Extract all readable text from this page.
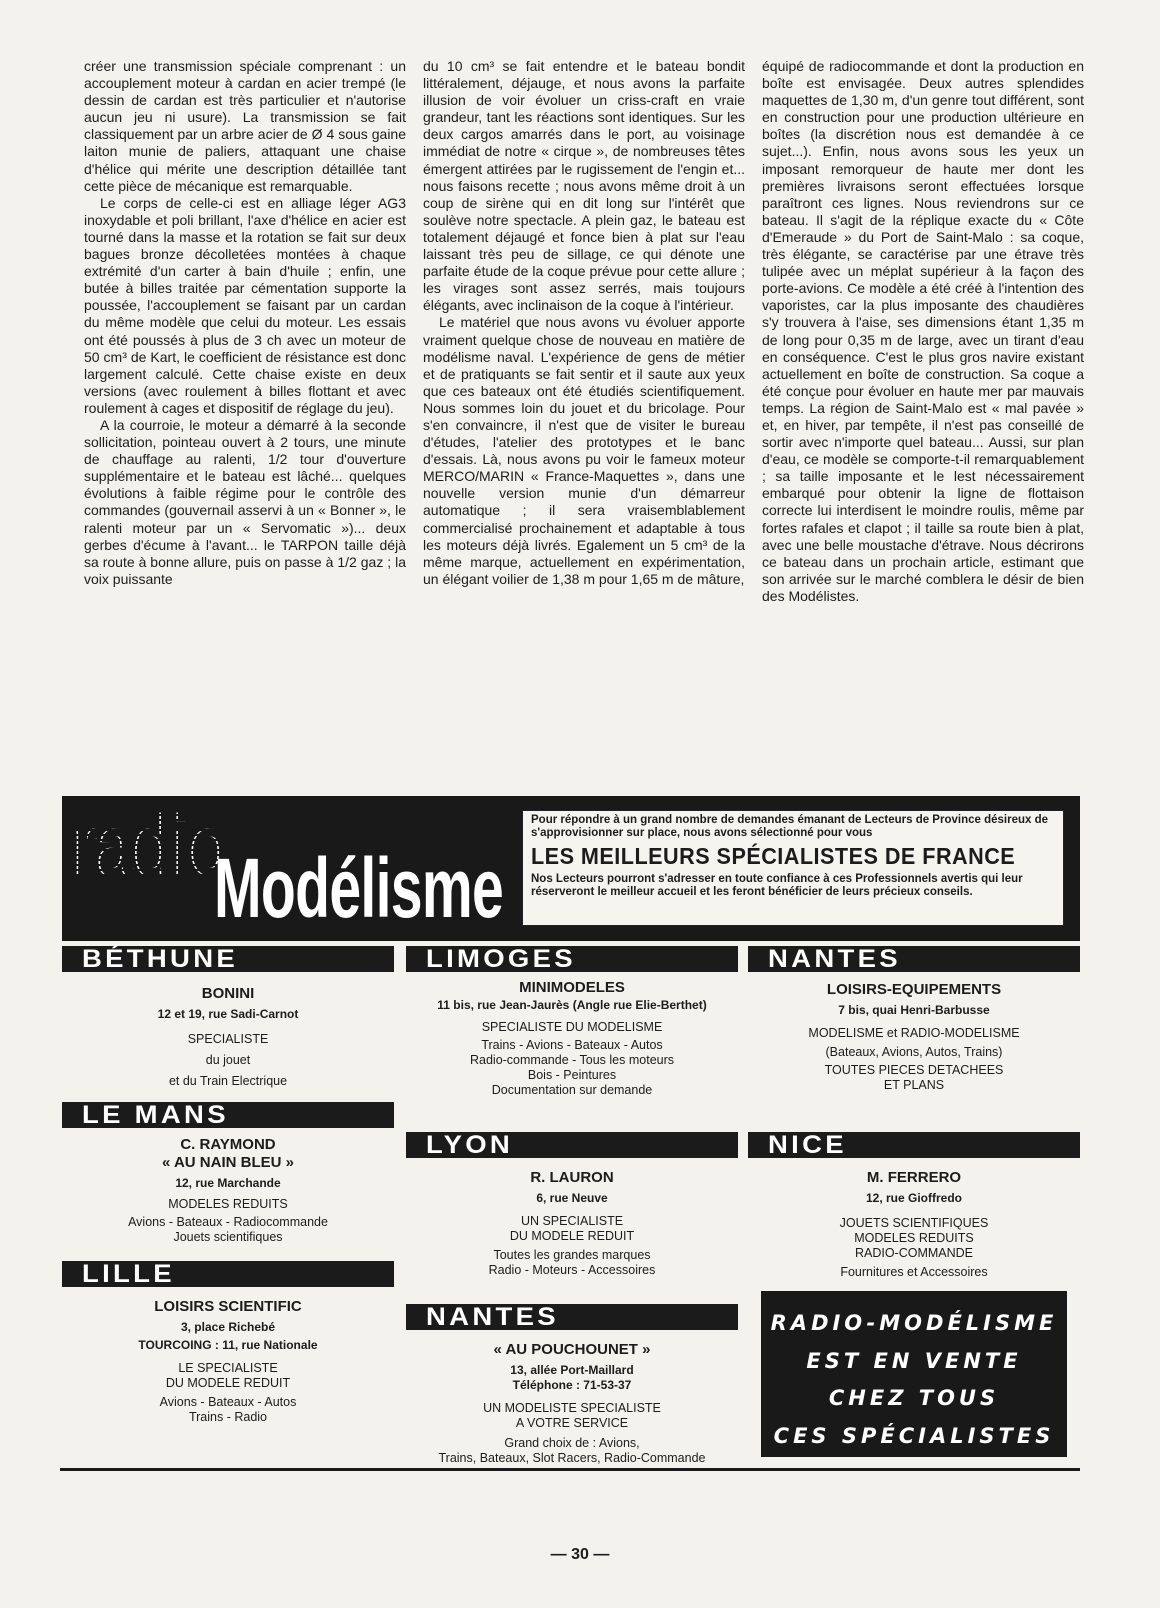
créer une transmission spéciale comprenant : un accouplement moteur à cardan en acier trempé (le dessin de cardan est très particulier et n'autorise aucun jeu ni usure). La transmission se fait classiquement par un arbre acier de Ø 4 sous gaine laiton munie de paliers, attaquant une chaise d'hélice qui mérite une description détaillée tant cette pièce de mécanique est remarquable.

Le corps de celle-ci est en alliage léger AG3 inoxydable et poli brillant, l'axe d'hélice en acier est tourné dans la masse et la rotation se fait sur deux bagues bronze décolletées montées à chaque extrémité d'un carter à bain d'huile ; enfin, une butée à billes traitée par cémentation supporte la poussée, l'accouplement se faisant par un cardan du même modèle que celui du moteur. Les essais ont été poussés à plus de 3 ch avec un moteur de 50 cm³ de Kart, le coefficient de résistance est donc largement calculé. Cette chaise existe en deux versions (avec roulement à billes flottant et avec roulement à cages et dispositif de réglage du jeu).

A la courroie, le moteur a démarré à la seconde sollicitation, pointeau ouvert à 2 tours, une minute de chauffage au ralenti, 1/2 tour d'ouverture supplémentaire et le bateau est lâché... quelques évolutions à faible régime pour le contrôle des commandes (gouvernail asservi à un « Bonner », le ralenti moteur par un « Servomatic »)... deux gerbes d'écume à l'avant... le TARPON taille déjà sa route à bonne allure, puis on passe à 1/2 gaz ; la voix puissante

du 10 cm³ se fait entendre et le bateau bondit littéralement, déjauge, et nous avons la parfaite illusion de voir évoluer un criss-craft en vraie grandeur, tant les réactions sont identiques. Sur les deux cargos amarrés dans le port, au voisinage immédiat de notre « cirque », de nombreuses têtes émergent attirées par le rugissement de l'engin et... nous faisons recette ; nous avons même droit à un coup de sirène qui en dit long sur l'intérêt que soulève notre spectacle. A plein gaz, le bateau est totalement déjaugé et fonce bien à plat sur l'eau laissant très peu de sillage, ce qui dénote une parfaite étude de la coque prévue pour cette allure ; les virages sont assez serrés, mais toujours élégants, avec inclinaison de la coque à l'intérieur.

Le matériel que nous avons vu évoluer apporte vraiment quelque chose de nouveau en matière de modélisme naval. L'expérience de gens de métier et de pratiquants se fait sentir et il saute aux yeux que ces bateaux ont été étudiés scientifiquement. Nous sommes loin du jouet et du bricolage. Pour s'en convaincre, il n'est que de visiter le bureau d'études, l'atelier des prototypes et le banc d'essais. Là, nous avons pu voir le fameux moteur MERCO/MARIN « France-Maquettes », dans une nouvelle version munie d'un démarreur automatique ; il sera vraisemblablement commercialisé prochainement et adaptable à tous les moteurs déjà livrés. Egalement un 5 cm³ de la même marque, actuellement en expérimentation, un élégant voilier de 1,38 m pour 1,65 m de mâture,

équipé de radiocommande et dont la production en boîte est envisagée. Deux autres splendides maquettes de 1,30 m, d'un genre tout différent, sont en construction pour une production ultérieure en boîtes (la discrétion nous est demandée à ce sujet...). Enfin, nous avons sous les yeux un imposant remorqueur de haute mer dont les premières livraisons seront effectuées lorsque paraîtront ces lignes. Nous reviendrons sur ce bateau. Il s'agit de la réplique exacte du « Côte d'Emeraude » du Port de Saint-Malo : sa coque, très élégante, se caractérise par une étrave très tulipée avec un méplat supérieur à la façon des porte-avions. Ce modèle a été créé à l'intention des vaporistes, car la plus imposante des chaudières s'y trouvera à l'aise, ses dimensions étant 1,35 m de long pour 0,35 m de large, avec un tirant d'eau en conséquence. C'est le plus gros navire existant actuellement en boîte de construction. Sa coque a été conçue pour évoluer en haute mer par mauvais temps. La région de Saint-Malo est « mal pavée » et, en hiver, par tempête, il n'est pas conseillé de sortir avec n'importe quel bateau... Aussi, sur plan d'eau, ce modèle se comporte-t-il remarquablement ; sa taille imposante et le lest nécessairement embarqué pour obtenir la ligne de flottaison correcte lui interdisent le moindre roulis, même par fortes rafales et clapot ; il taille sa route bien à plat, avec une belle moustache d'étrave. Nous décrirons ce bateau dans un prochain article, estimant que son arrivée sur le marché comblera le désir de bien des Modélistes.

radio
Modélisme

Pour répondre à un grand nombre de demandes émanant de Lecteurs de Province désireux de s'approvisionner sur place, nous avons sélectionné pour vous

LES MEILLEURS SPÉCIALISTES DE FRANCE

Nos Lecteurs pourront s'adresser en toute confiance à ces Professionnels avertis qui leur réserveront le meilleur accueil et les feront bénéficier de leurs précieux conseils.

BÉTHUNE
BONINI
12 et 19, rue Sadi-Carnot
SPECIALISTE
du jouet
et du Train Electrique
LE MANS
C. RAYMOND
« AU NAIN BLEU »
12, rue Marchande
MODELES REDUITS
Avions - Bateaux - Radiocommande
Jouets scientifiques
LILLE
LOISIRS SCIENTIFIC
3, place Richebé
TOURCOING : 11, rue Nationale
LE SPECIALISTE
DU MODELE REDUIT
Avions - Bateaux - Autos
Trains - Radio
LIMOGES
MINIMODELES
11 bis, rue Jean-Jaurès (Angle rue Elie-Berthet)
SPECIALISTE DU MODELISME
Trains - Avions - Bateaux - Autos
Radio-commande - Tous les moteurs
Bois - Peintures
Documentation sur demande
LYON
R. LAURON
6, rue Neuve
UN SPECIALISTE
DU MODELE REDUIT
Toutes les grandes marques
Radio - Moteurs - Accessoires
NANTES
« AU POUCHOUNET »
13, allée Port-Maillard
Téléphone : 71-53-37
UN MODELISTE SPECIALISTE
A VOTRE SERVICE
Grand choix de : Avions,
Trains, Bateaux, Slot Racers, Radio-Commande
NANTES
LOISIRS-EQUIPEMENTS
7 bis, quai Henri-Barbusse
MODELISME et RADIO-MODELISME
(Bateaux, Avions, Autos, Trains)
TOUTES PIECES DETACHEES
ET PLANS
NICE
M. FERRERO
12, rue Gioffredo
JOUETS SCIENTIFIQUES
MODELES REDUITS
RADIO-COMMANDE
Fournitures et Accessoires
RADIO-MODÉLISME
EST EN VENTE
CHEZ TOUS
CES SPÉCIALISTES
— 30 —
